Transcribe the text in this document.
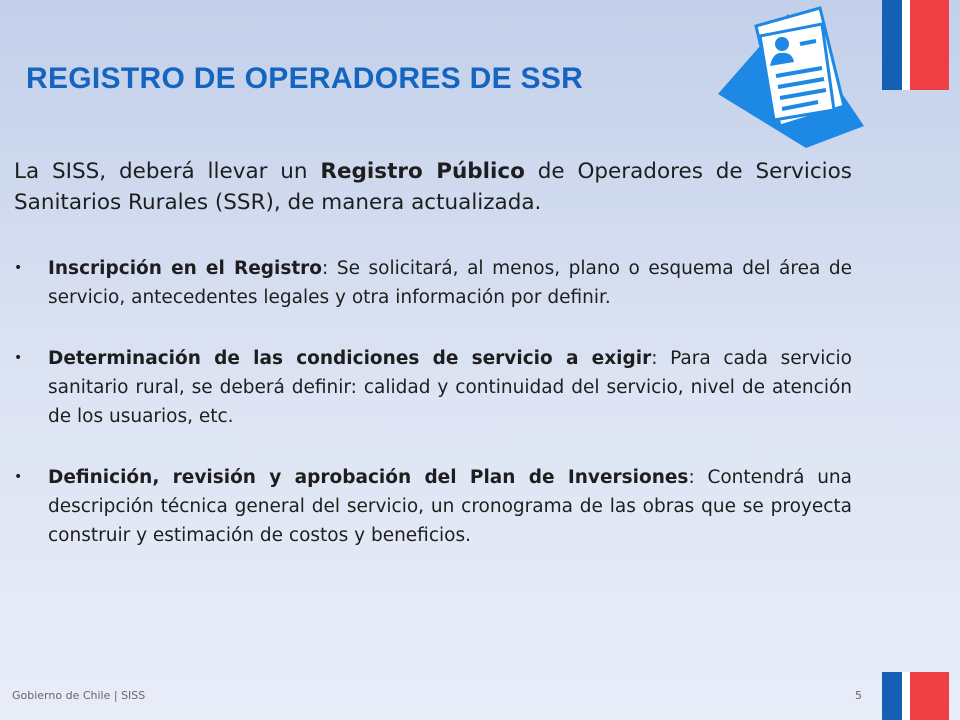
REGISTRO DE OPERADORES DE SSR

La SISS, deberá llevar un Registro Público de Operadores de Servicios Sanitarios Rurales (SSR), de manera actualizada.

• Inscripción en el Registro: Se solicitará, al menos, plano o esquema del área de servicio, antecedentes legales y otra información por definir.
• Determinación de las condiciones de servicio a exigir: Para cada servicio sanitario rural, se deberá definir: calidad y continuidad del servicio, nivel de atención de los usuarios, etc.
• Definición, revisión y aprobación del Plan de Inversiones: Contendrá una descripción técnica general del servicio, un cronograma de las obras que se proyecta construir y estimación de costos y beneficios.
Gobierno de Chile | SISS	5
